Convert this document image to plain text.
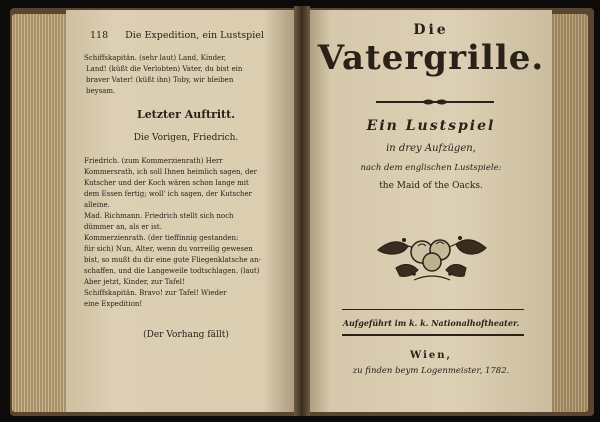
118 Die Expedition, ein Lustspiel
Schiffskapitän. (sehr laut) Land, Kinder,
Land! (küßt die Verlobten) Vater, du bist ein
braver Vater! (küßt ihn) Toby, wir bleiben
beysam.
Letzter Auftritt.
Die Vorigen, Friedrich.
Friedrich. (zum Kommerzienrath) Herr
Kommersrath, ich soll Ihnen heimlich sagen, der
Kutscher und der Koch wären schon lange mit
dem Essen fertig; woll' ich sagen, der Kutscher
alleine.
Mad. Richmann. Friedrich stellt sich noch
dümmer an, als er ist.
Kommerzienrath. (der tieffinnig gestanden:
für sich) Nun, Alter, wenn du vorreilig gewesen
bist, so mußt du dir eine gute Fliegenklatsche an-
schaffen, und die Langeweile todtschlagen. (laut)
Aber jetzt, Kinder, zur Tafel!
Schiffskapitän. Bravo! zur Tafel! Wieder
eine Expedition!
(Der Vorhang fällt)
Die
Vatergrille.
Ein Lustspiel
in drey Aufzügen,
nach dem englischen Lustspiele:
the Maid of the Oacks.
Aufgeführt im k. k. Nationalhoftheater.
Wien,
zu finden beym Logenmeister, 1782.
